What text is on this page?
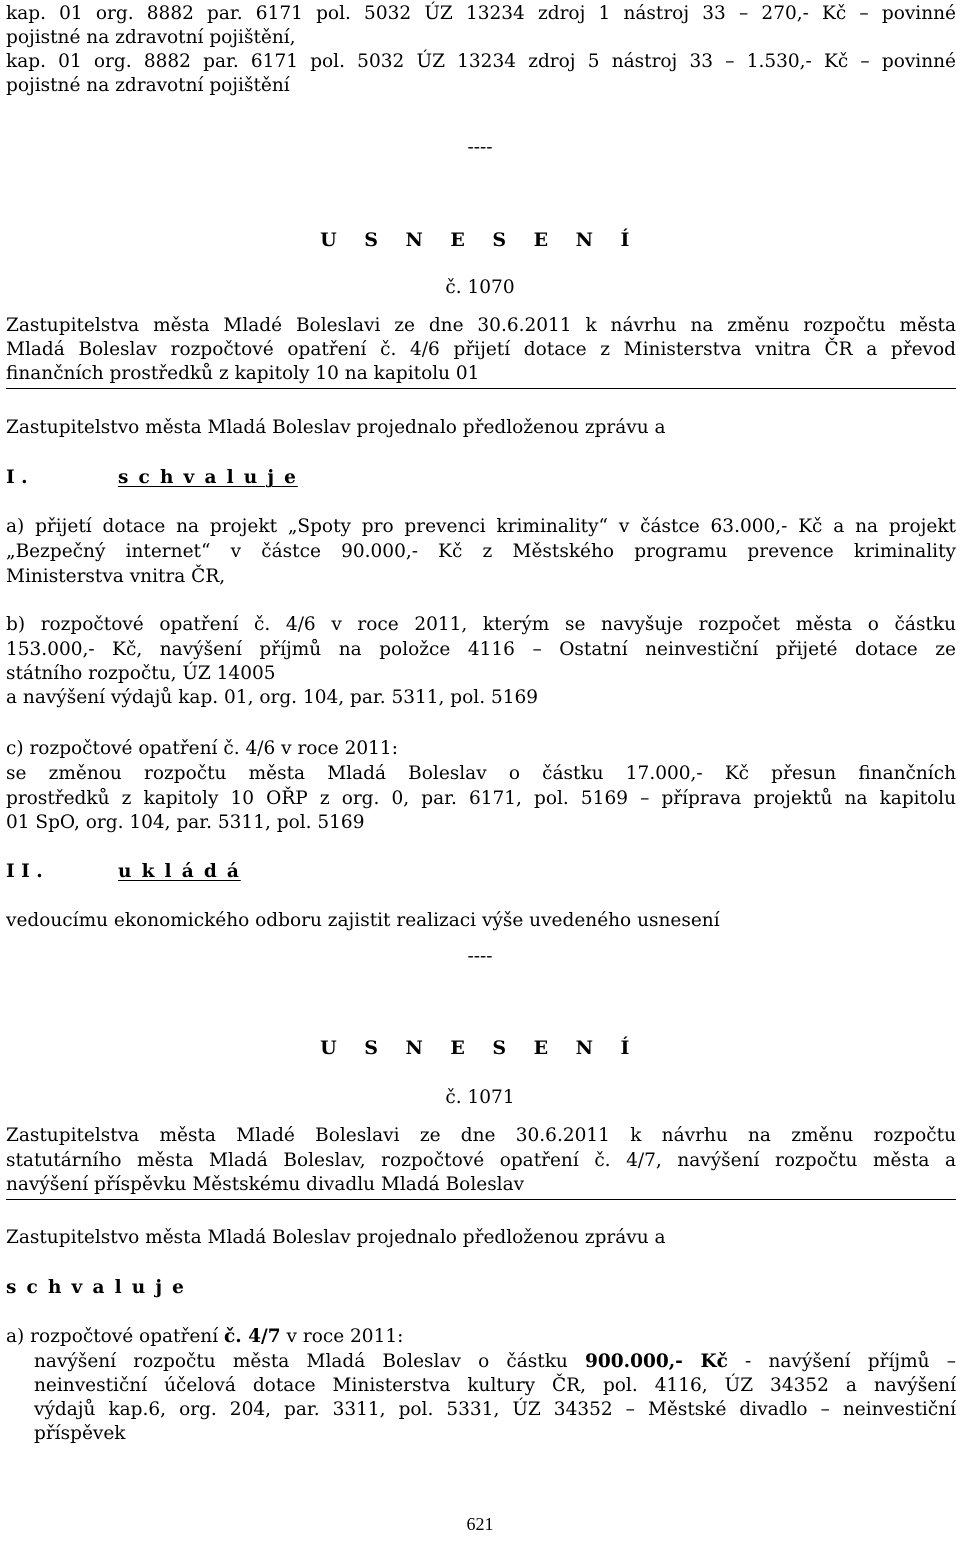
kap. 01 org. 8882 par. 6171 pol. 5032 ÚZ 13234 zdroj 1 nástroj 33 – 270,- Kč – povinné
pojistné na zdravotní pojištění,
kap. 01 org. 8882 par. 6171 pol. 5032 ÚZ 13234 zdroj 5 nástroj 33 – 1.530,- Kč – povinné
pojistné na zdravotní pojištění
----
U S N E S E N Í
č. 1070
Zastupitelstva města Mladé Boleslavi ze dne 30.6.2011 k návrhu na změnu rozpočtu města
Mladá Boleslav rozpočtové opatření č. 4/6 přijetí dotace z Ministerstva vnitra ČR a převod
finančních prostředků z kapitoly 10 na kapitolu 01
Zastupitelstvo města Mladá Boleslav projednalo předloženou zprávu a
I .	s c h v a l u j e
a) přijetí dotace na projekt „Spoty pro prevenci kriminality“ v částce 63.000,- Kč a na projekt
„Bezpečný internet“ v částce 90.000,- Kč z Městského programu prevence kriminality
Ministerstva vnitra ČR,
b) rozpočtové opatření č. 4/6 v roce 2011, kterým se navyšuje rozpočet města o částku
153.000,- Kč, navýšení příjmů na položce 4116 – Ostatní neinvestiční přijeté dotace ze
státního rozpočtu, ÚZ 14005
a navýšení výdajů kap. 01, org. 104, par. 5311, pol. 5169
c) rozpočtové opatření č. 4/6 v roce 2011:
se změnou rozpočtu města Mladá Boleslav o částku 17.000,- Kč přesun finančních
prostředků z kapitoly 10 OŘP z org. 0, par. 6171, pol. 5169 – příprava projektů na kapitolu
01 SpO, org. 104, par. 5311, pol. 5169
I I .	u k l á d á
vedoucímu ekonomického odboru zajistit realizaci výše uvedeného usnesení
----
U S N E S E N Í
č. 1071
Zastupitelstva města Mladé Boleslavi ze dne 30.6.2011 k návrhu na změnu rozpočtu
statutárního města Mladá Boleslav, rozpočtové opatření č. 4/7, navýšení rozpočtu města a
navýšení příspěvku Městskému divadlu Mladá Boleslav
Zastupitelstvo města Mladá Boleslav projednalo předloženou zprávu a
s c h v a l u j e
a) rozpočtové opatření č. 4/7 v roce 2011:
navýšení rozpočtu města Mladá Boleslav o částku 900.000,- Kč - navýšení příjmů –
neinvestiční účelová dotace Ministerstva kultury ČR, pol. 4116, ÚZ 34352 a navýšení
výdajů kap.6, org. 204, par. 3311, pol. 5331, ÚZ 34352 – Městské divadlo – neinvestiční
příspěvek
621
